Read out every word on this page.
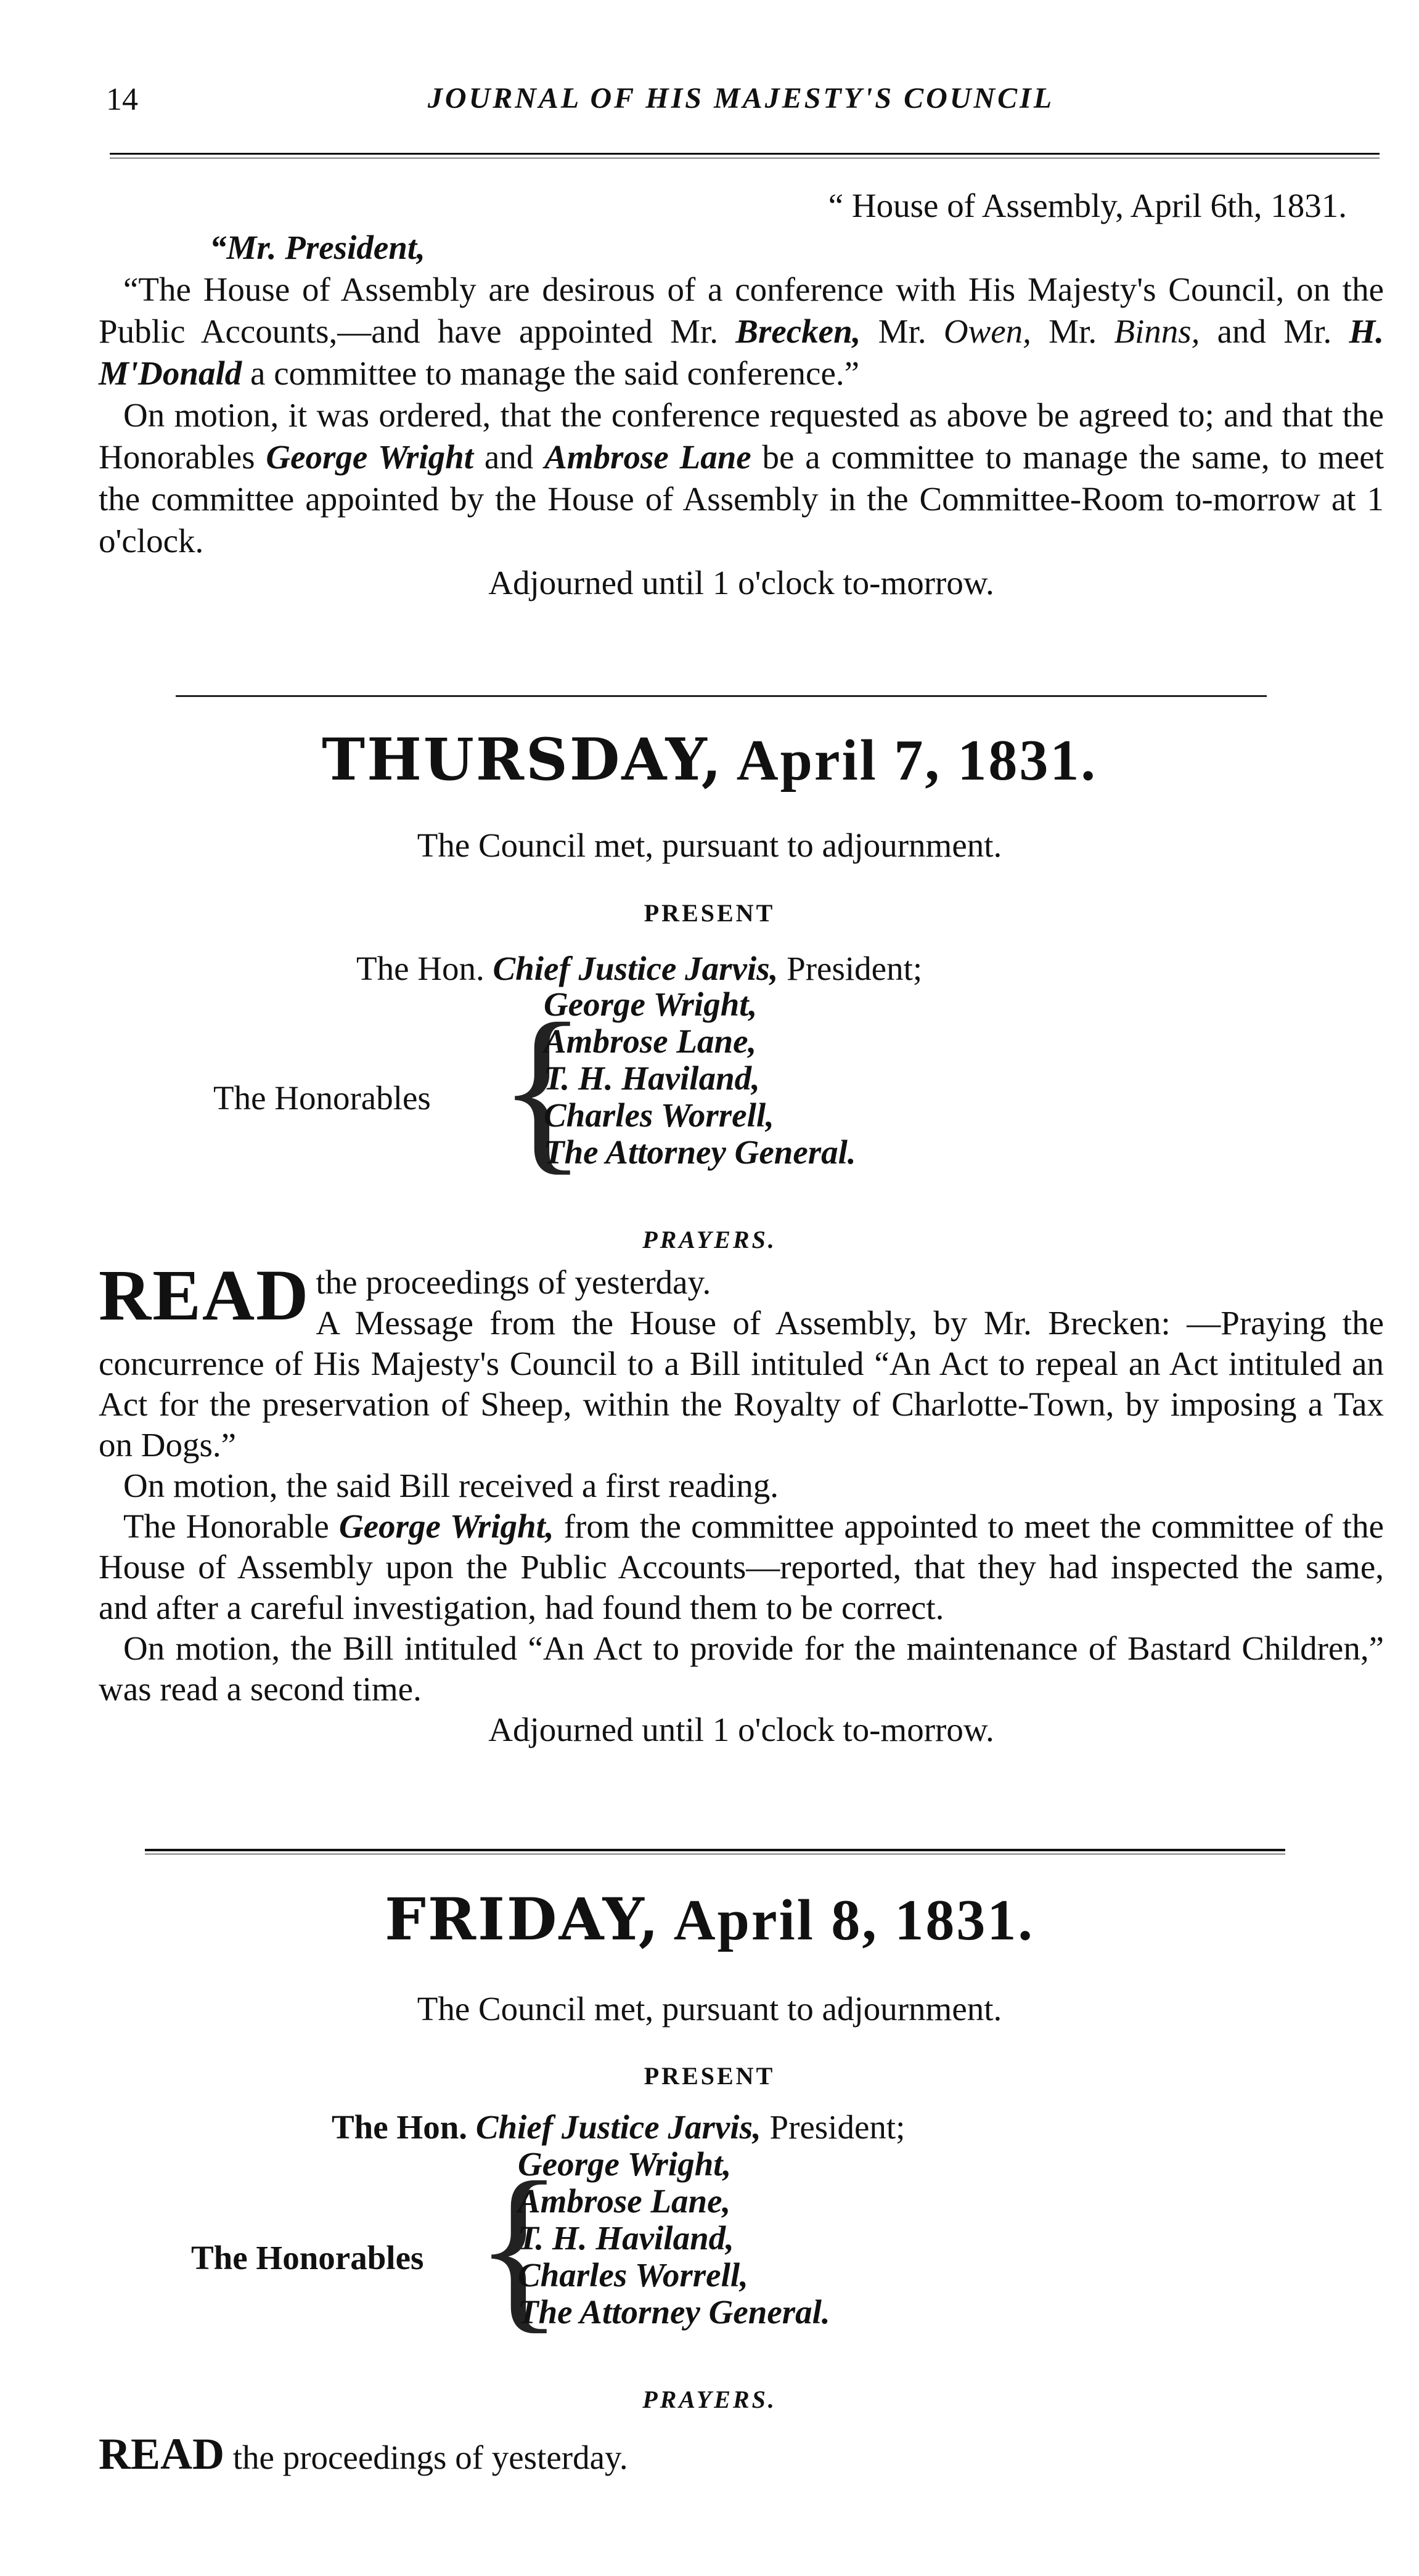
14	JOURNAL OF HIS MAJESTY'S COUNCIL

“ House of Assembly, April 6th, 1831.

“Mr. President,

“The House of Assembly are desirous of a conference with His Majesty's Council, on the Public Accounts,—and have appointed Mr. Brecken, Mr. Owen, Mr. Binns, and Mr. H. M'Donald a committee to manage the said conference.”

On motion, it was ordered, that the conference requested as above be agreed to; and that the Honorables George Wright and Ambrose Lane be a committee to manage the same, to meet the committee appointed by the House of Assembly in the Committee-Room to-morrow at 1 o'clock.

Adjourned until 1 o'clock to-morrow.

THURSDAY, April 7, 1831.
The Council met, pursuant to adjournment.
PRESENT
The Hon. Chief Justice Jarvis, President;
The Honorables {
George Wright,
Ambrose Lane,
T. H. Haviland,
Charles Worrell,
The Attorney General.
PRAYERS.

READ the proceedings of yesterday.
A Message from the House of Assembly, by Mr. Brecken: —Praying the concurrence of His Majesty's Council to a Bill intituled “An Act to repeal an Act intituled an Act for the preservation of Sheep, within the Royalty of Charlotte-Town, by imposing a Tax on Dogs.”

On motion, the said Bill received a first reading.

The Honorable George Wright, from the committee appointed to meet the committee of the House of Assembly upon the Public Accounts—reported, that they had inspected the same, and after a careful investigation, had found them to be correct.

On motion, the Bill intituled “An Act to provide for the maintenance of Bastard Children,” was read a second time.

Adjourned until 1 o'clock to-morrow.

FRIDAY, April 8, 1831.
The Council met, pursuant to adjournment.
PRESENT
The Hon. Chief Justice Jarvis, President;
The Honorables {
George Wright,
Ambrose Lane,
T. H. Haviland,
Charles Worrell,
The Attorney General.
PRAYERS.

READ the proceedings of yesterday.
